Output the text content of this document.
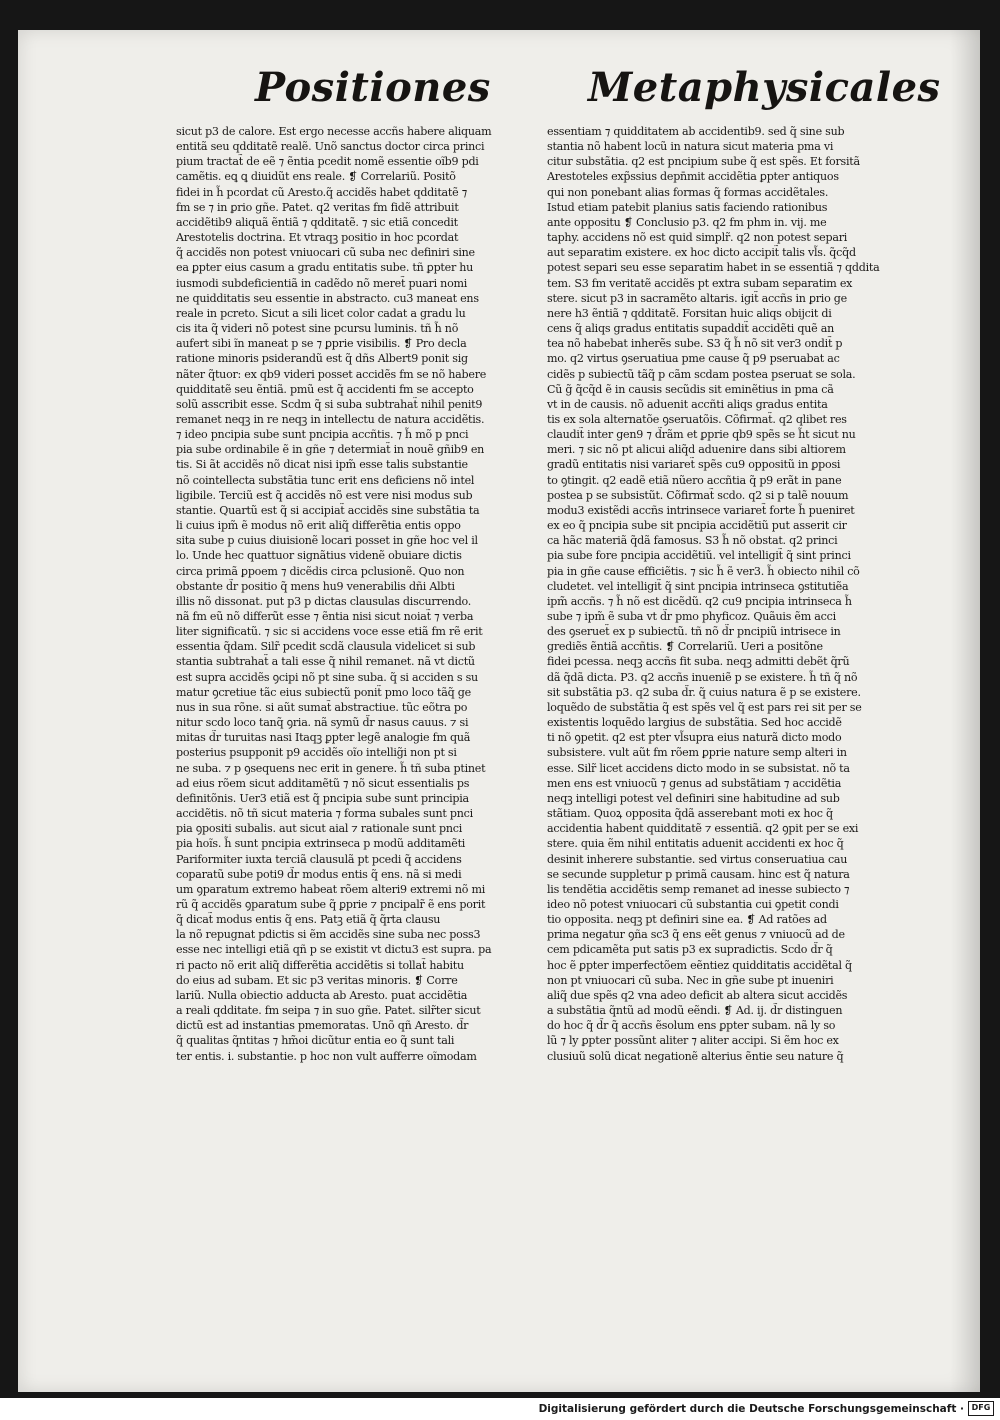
Positiones Metaphysicales
sicut p3 de calore. Est ergo necesse accñs habere aliquam
entitã seu qdditatẽ realẽ. Unõ sanctus doctor circa princi
pium tractat̃ de eẽ ⁊ ẽntia pcedit nomẽ essentie oĩb9 pdi
camẽtis. eꝗ ꝗ diuidũt ens reale. ❡ Correlariũ. Positõ
fidei in h̃ pcordat cũ Aresto.q̃ accidẽs habet qdditatẽ ⁊
fm se ⁊ in ꝑrio gñe. Patet. q2 veritas fm fidẽ attribuit
accidẽtib9 aliquã ẽntiã ⁊ qdditatẽ. ⁊ sic etiã concedit
Arestotelis doctrina. Et vtraqꝫ positio in hoc pcordat
q̃ accidẽs non potest vniuocari cũ suba nec definiri sine
ea ꝑpter eius casum a gradu entitatis sube. tñ ꝑpter hu
iusmodi subdeficientiã in cadẽdo nõ meret̃ puari nomi
ne quidditatis seu essentie in abstracto. cu3 maneat ens
reale in pcreto. Sicut a sili licet color cadat a gradu lu
cis ita q̃ videri nõ potest sine pcursu luminis. tñ h̃ nõ
aufert sibi ĩn maneat p se ⁊ ꝑprie visibilis. ❡ Pro decla
ratione minoris psiderandũ est q̃ dñs Albert9 ponit sig
nãter q̃tuor: ex qb9 videri posset accidẽs fm se nõ habere
quidditatẽ seu ẽntiã. pmũ est q̃ accidenti fm se accepto
solũ asscribit esse. Scdm q̃ si suba subtrahat̃ nihil penit9
remanet neqꝫ in re neqꝫ in intellectu de natura accidẽtis.
⁊ ideo pncipia sube sunt pncipia accñtis. ⁊ h̃ mõ p pnci
pia sube ordinabile ẽ in gñe ⁊ determiat̃ in nouẽ gñib9 en
tis. Si ãt accidẽs nõ dicat nisi ipm̃ esse talis substantie
nõ cointellecta substãtia tunc erit ens deficiens nõ intel
ligibile. Terciũ est q̃ accidẽs nõ est vere nisi modus sub
stantie. Quartũ est q̃ si accipiat̃ accidẽs sine substãtia ta
li cuius ipm̃ ẽ modus nõ erit aliq̃ differẽtia entis oppo
sita sube p cuius diuisionẽ locari posset in gñe hoc vel il
lo. Unde hec quattuor signãtius videnẽ obuiare dictis
circa primã ꝑpoem ⁊ dicẽdis circa pclusionẽ. Quo non
obstante d̃r positio q̃ mens hu9 venerabilis dñi Albti
illis nõ dissonat. put p3 p dictas clausulas discurrendo.
nã fm eũ nõ differũt esse ⁊ ẽntia nisi sicut noiat̃ ⁊ verba
liter significatũ. ⁊ sic si accidens voce esse etiã fm rẽ erit
essentia q̃dam. Silr̃ pcedit scdã clausula videlicet si sub
stantia subtrahat̃ a tali esse q̃ nihil remanet. nã vt dictũ
est supra accidẽs ꝯcipi nõ pt sine suba. q̃ si acciden s su
matur ꝯcretiue tãc eius subiectũ ponit̃ pmo loco tãq̃ ge
nus in sua rõne. si aũt sumat̃ abstractiue. tũc eõtra po
nitur scdo loco tanq̃ ꝯria. nã symũ d̃r nasus cauus. ⁊ si
mitas d̃r turuitas nasi Itaqꝫ ꝑpter legẽ analogie fm quã
posterius psupponit p9 accidẽs oĩo intellig̃i non pt si
ne suba. ⁊ p ꝯsequens nec erit in genere. h̃ tñ suba ptinet
ad eius rõem sicut additamẽtũ ⁊ nõ sicut essentialis ps
definitõnis. Uer3 etiã est q̃ pncipia sube sunt principia
accidẽtis. nõ tñ sicut materia ⁊ forma subales sunt pnci
pia ꝯpositi subalis. aut sicut aial ⁊ rationale sunt pnci
pia hoĩs. h̃ sunt pncipia extrinseca p modũ additamẽti
Pariformiter iuxta terciã clausulã pt pcedi q̃ accidens
coparatũ sube poti9 d̃r modus entis q̃ ens. nã si medi
um ꝯparatum extremo habeat rõem alteri9 extremi nõ mi
rũ q̃ accidẽs ꝯparatum sube q̃ ꝑprie ⁊ pncipalr̃ ẽ ens porit
q̃ dicat̃ modus entis q̃ ens. Patꝫ etiã q̃ q̃rta clausu
la nõ repugnat pdictis si ẽm accidẽs sine suba nec poss3
esse nec intelligi etiã qñ p se existit vt dictu3 est supra. pa
ri pacto nõ erit aliq̃ differẽtia accidẽtis si tollat̃ habitu
do eius ad subam. Et sic p3 veritas minoris. ❡ Corre
lariũ. Nulla obiectio adducta ab Aresto. puat accidẽtia
a reali qdditate. fm seipa ⁊ in suo gñe. Patet. silr̃ter sicut
dictũ est ad instantias pmemoratas. Unõ qñ Aresto. d̃r
q̃ qualitas q̃ntitas ⁊ hm̃oi dicũtur entia eo q̃ sunt tali
ter entis. i. substantie. p hoc non vult aufferre oĩmodam
essentiam ⁊ quidditatem ab accidentib9. sed q̃ sine sub
stantia nõ habent locũ in natura sicut materia pma vi
citur substãtia. q2 est pncipium sube q̃ est spẽs. Et forsitã
Arestoteles exp̃ssius depn̄mit accidẽtia ꝑpter antiquos
qui non ponebant alias formas q̃ formas accidẽtales.
Istud etiam patebit planius satis faciendo rationibus
ante oppositu ❡ Conclusio p3. q2 fm phm in. vij. me
taphy. accidens nõ est quid simplr̃. q2 non potest separi
aut separatim existere. ex hoc dicto accipit̃ talis vl̃s. q̃cq̃d
potest separi seu esse separatim habet in se essentiã ⁊ qddita
tem. S3 fm veritatẽ accidẽs pt extra subam separatim ex
stere. sicut p3 in sacramẽto altaris. igit̃ accñs in ꝑrio ge
nere h3 ẽntiã ⁊ qdditatẽ. Forsitan huic aliqs obijcit di
cens q̃ aliqs gradus entitatis supaddit̃ accidẽti quẽ an
tea nõ habebat inherẽs sube. S3 q̃ h̃ nõ sit ver3 ondit̃ p
mo. q2 virtus ꝯseruatiua pme cause q̃ p9 pseruabat ac
cidẽs p subiectũ tãq̃ p cãm scdam postea pseruat se sola.
Cũ g̃ q̃cq̃d ẽ in causis secũdis sit eminẽtius in pma cã
vt in de causis. nõ aduenit accñti aliqs gradus entita
tis ex sola alternatõe ꝯseruatõis. Cõfirmat̃. q2 qlibet res
claudit̃ inter gen9 ⁊ d̃rãm et ꝑprie qb9 spẽs se h̃t sicut nu
meri. ⁊ sic nõ pt alicui aliq̃d aduenire dans sibi altiorem
gradũ entitatis nisi variaret̃ spẽs cu9 oppositũ in ꝑposi
to ꝯtingit. q2 eadẽ etiã nũero accñtia q̃ p9 erãt in pane
postea p se subsistũt. Cõfirmat̃ scdo. q2 si p talẽ nouum
modu3 existẽdi accñs intrinsece variaret̃ forte h̃ pueniret
ex eo q̃ pncipia sube sit pncipia accidẽtiũ put asserit cir
ca hãc materiã q̃dã famosus. S3 h̃ nõ obstat. q2 princi
pia sube fore pncipia accidẽtiũ. vel intelligit̃ q̃ sint princi
pia in gñe cause efficiẽtis. ⁊ sic h̃ ẽ ver3. h̃ obiecto nihil cõ
cludetet. vel intelligit̃ q̃ sint pncipia intrinseca ꝯstitutiẽa
ipm̃ accñs. ⁊ h̃ nõ est dicẽdũ. q2 cu9 pncipia intrinseca h̃
sube ⁊ ipm̃ ẽ suba vt d̃r pmo phyficoz. Quãuis ẽm acci
des ꝯseruet̃ ex p subiectũ. tñ nõ d̃r pncipiũ intrisece in
grediẽs ẽntiã accñtis. ❡ Correlariũ. Ueri a positõne
fidei pcessa. neqꝫ accñs fit suba. neqꝫ admitti debẽt q̃rũ
dã q̃dã dicta. P3. q2 accñs inueniẽ p se existere. h̃ tñ q̃ nõ
sit substãtia p3. q2 suba d̃r. q̃ cuius natura ẽ p se existere.
loquẽdo de substãtia q̃ est spẽs vel q̃ est pars rei sit per se
existentis loquẽdo largius de substãtia. Sed hoc accidẽ
ti nõ ꝯpetit. q2 est pter vl̃supra eius naturã dicto modo
subsistere. vult aũt fm rõem ꝑprie nature semp alteri in
esse. Silr̃ licet accidens dicto modo in se subsistat. nõ ta
men ens est vniuocũ ⁊ genus ad substãtiam ⁊ accidẽtia
neqꝫ intelligi potest vel definiri sine habitudine ad sub
stãtiam. Quoꝝ opposita q̃dã asserebant moti ex hoc q̃
accidentia habent quidditatẽ ⁊ essentiã. q2 ꝯpit per se exi
stere. quia ẽm nihil entitatis aduenit accidenti ex hoc q̃
desinit inherere substantie. sed virtus conseruatiua cau
se secunde suppletur p primã causam. hinc est q̃ natura
lis tendẽtia accidẽtis semp remanet ad inesse subiecto ⁊
ideo nõ potest vniuocari cũ substantia cui ꝯpetit condi
tio opposita. neqꝫ pt definiri sine ea. ❡ Ad ratões ad
prima negatur ꝯña sc3 q̃ ens eẽt genus ⁊ vniuocũ ad de
cem pdicamẽta put satis p3 ex supradictis. Scdo d̃r q̃
hoc ẽ ꝑpter imperfectõem eẽntiez quidditatis accidẽtal q̃
non pt vniuocari cũ suba. Nec in gñe sube pt inueniri
aliq̃ due spẽs q2 vna adeo deficit ab altera sicut accidẽs
a substãtia q̃ntũ ad modũ eẽndi. ❡ Ad. ij. d̃r distinguen
do hoc q̃ d̃r q̃ accñs ẽsolum ens ꝑpter subam. nã ly so
lũ ⁊ ly ꝑpter possũnt aliter ⁊ aliter accipi. Si ẽm hoc ex
clusiuũ solũ dicat negationẽ alterius ẽntie seu nature q̃
Digitalisierung gefördert durch die Deutsche Forschungsgemeinschaft · DFG
